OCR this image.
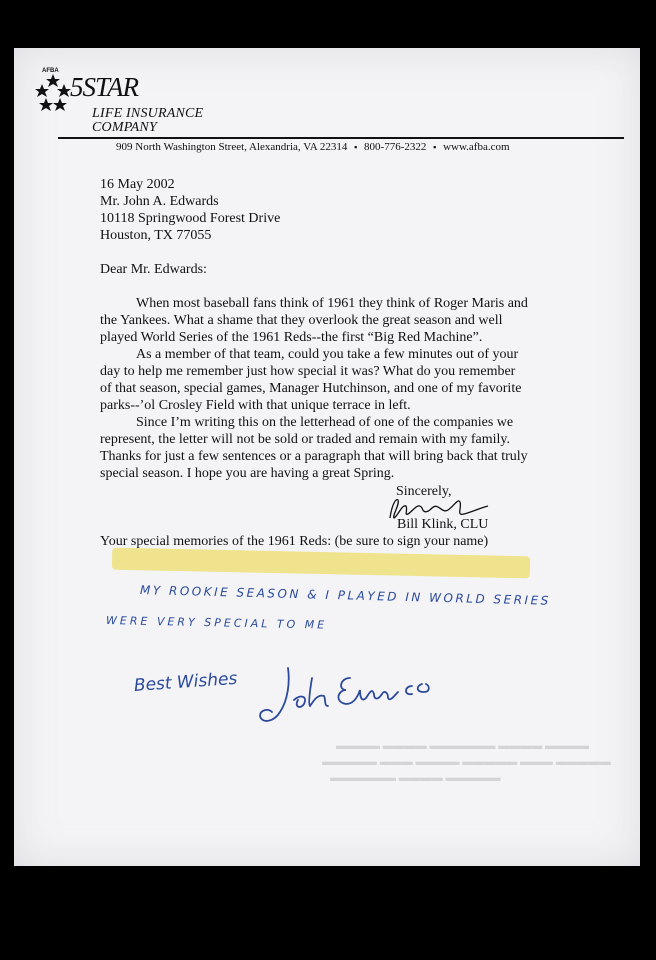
AFBA
5STAR
LIFE INSURANCE
COMPANY
909 North Washington Street, Alexandria, VA 22314 ▪ 800-776-2322 ▪ www.afba.com
16 May 2002
Mr. John A. Edwards
10118 Springwood Forest Drive
Houston, TX 77055
Dear Mr. Edwards:
When most baseball fans think of 1961 they think of Roger Maris and
the Yankees. What a shame that they overlook the great season and well
played World Series of the 1961 Reds--the first “Big Red Machine”.
As a member of that team, could you take a few minutes out of your
day to help me remember just how special it was? What do you remember
of that season, special games, Manager Hutchinson, and one of my favorite
parks--’ol Crosley Field with that unique terrace in left.
Since I’m writing this on the letterhead of one of the companies we
represent, the letter will not be sold or traded and remain with my family.
Thanks for just a few sentences or a paragraph that will bring back that truly
special season. I hope you are having a great Spring.
Sincerely,
Bill Klink, CLU
Your special memories of the 1961 Reds: (be sure to sign your name)
MY ROOKIE SEASON & I PLAYED IN WORLD SERIES
WERE VERY SPECIAL TO ME
Best Wishes
▬▬▬▬ ▬▬▬▬ ▬▬▬▬▬▬ ▬▬▬▬ ▬▬▬▬
▬▬▬▬▬ ▬▬▬ ▬▬▬▬▬ ▬▬▬▬ ▬▬▬ ▬▬▬▬▬
▬▬▬▬▬ ▬▬▬▬ ▬▬▬▬▬▬
